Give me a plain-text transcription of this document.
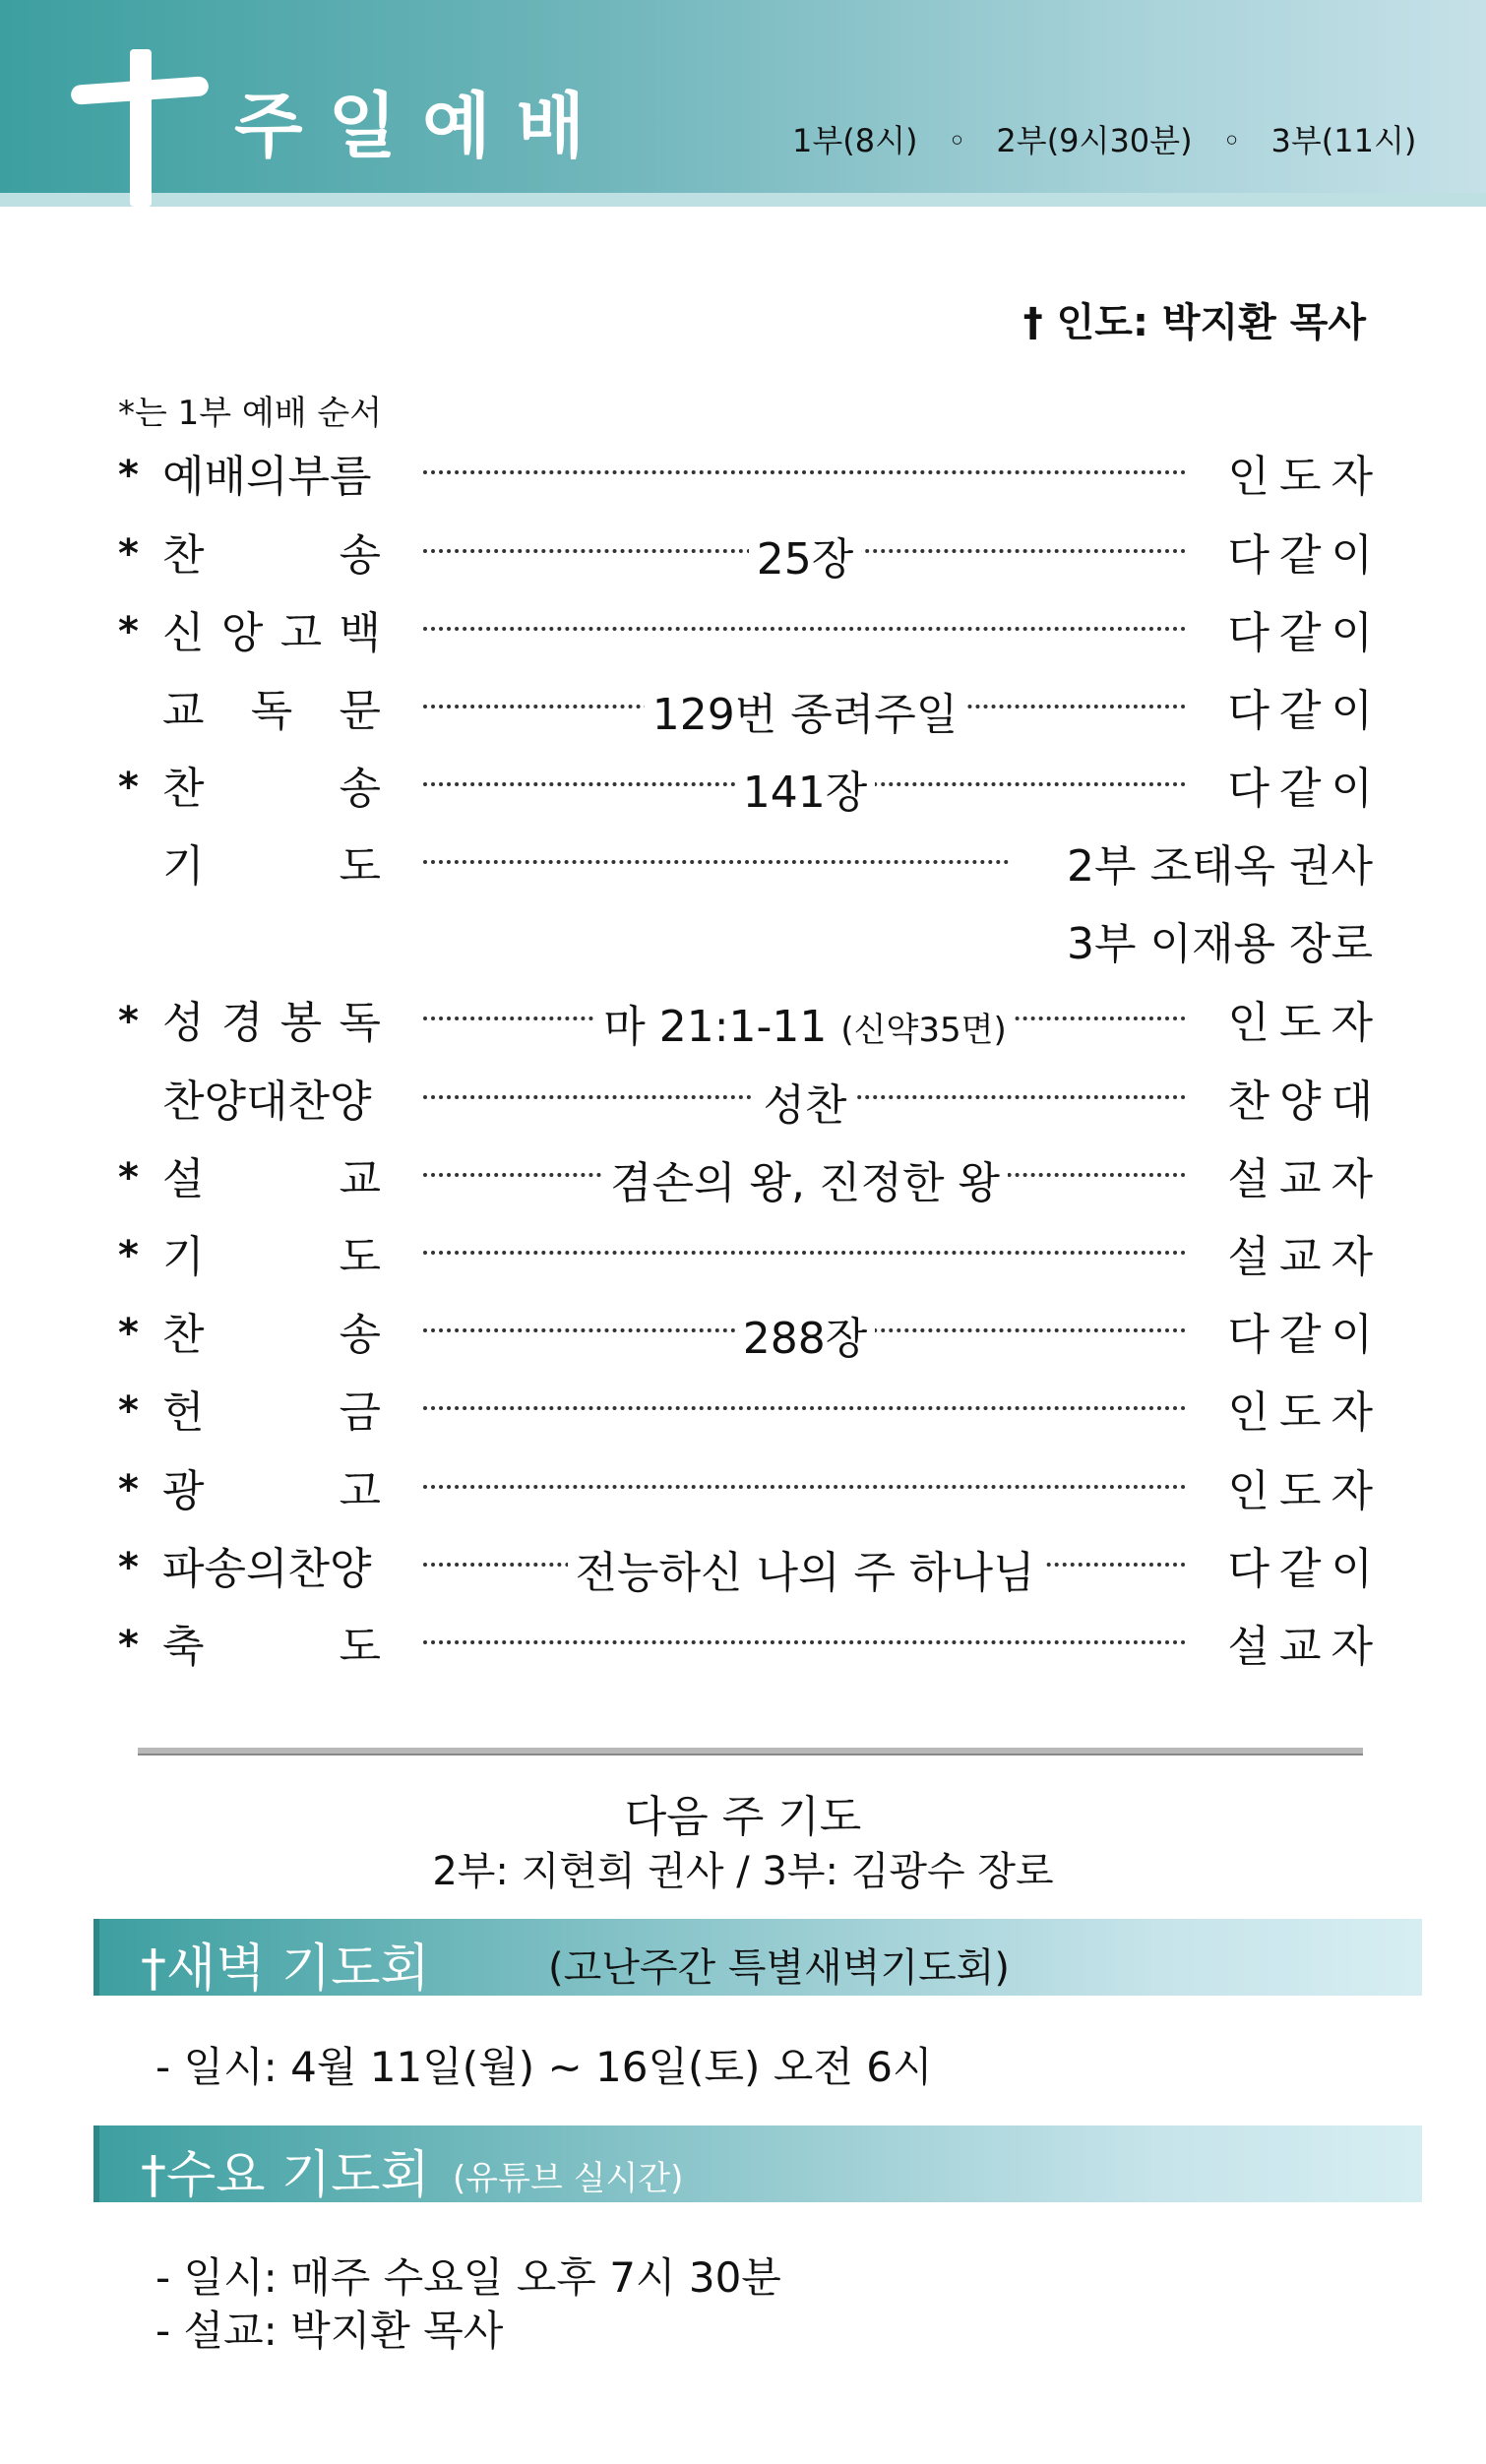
주일예배	1부(8시)   ◦   2부(9시30분)   ◦   3부(11시)
† 인도: 박지환 목사
*는 1부 예배 순서
* 예배의부름	인도자
* 찬	송	25장	다같이
* 신 앙 고 백	다같이
교 독 문	129번 종려주일	다같이
* 찬	송	141장	다같이
기	도	2부 조태옥 권사
3부 이재용 장로
* 성 경 봉 독	마 21:1-11 (신약35면)	인도자
찬양대찬양	성찬	찬양대
* 설	교	겸손의 왕, 진정한 왕	설교자
* 기	도	설교자
* 찬	송	288장	다같이
* 헌	금	인도자
* 광	고	인도자
* 파송의찬양	전능하신 나의 주 하나님	다같이
* 축	도	설교자
다음 주 기도
2부: 지현희 권사 / 3부: 김광수 장로
†새벽 기도회	(고난주간 특별새벽기도회)
- 일시: 4월 11일(월) ~ 16일(토) 오전 6시
†수요 기도회 (유튜브 실시간)
- 일시: 매주 수요일 오후 7시 30분
- 설교: 박지환 목사
